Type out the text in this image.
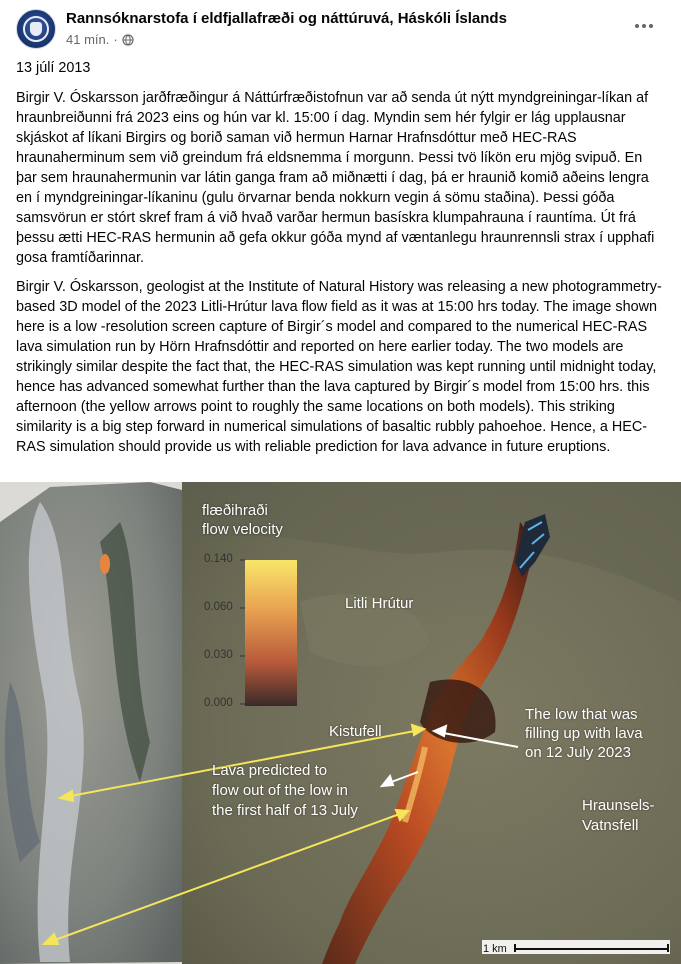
Rannsóknarstofa í eldfjallafræði og náttúruvá, Háskóli Íslands
41 mín. ·
13 júlí 2013
Birgir V. Óskarsson jarðfræðingur á Náttúrfræðistofnun var að senda út nýtt myndgreiningar-líkan af hraunbreiðunni frá 2023 eins og hún var kl. 15:00 í dag. Myndin sem hér fylgir er lág upplausnar skjáskot af líkani Birgirs og borið saman við hermun Harnar Hrafnsdóttur með HEC-RAS hraunaherminum sem við greindum frá eldsnemma í morgunn. Þessi tvö líkön eru mjög svipuð. En þar sem hraunahermunin var látin ganga fram að miðnætti í dag, þá er hraunið komið aðeins lengra en í myndgreiningar-líkaninu (gulu örvarnar benda nokkurn vegin á sömu staðina). Þessi góða samsvörun er stórt skref fram á við hvað varðar hermun basískra klumpahrauna í rauntíma. Út frá þessu ætti HEC-RAS hermunin að gefa okkur góða mynd af væntanlegu hraunrennsli strax í upphafi gosa framtíðarinnar.
Birgir V. Óskarsson, geologist at the Institute of Natural History was releasing a new photogrammetry-based 3D model of the 2023 Litli-Hrútur lava flow field as it was at 15:00 hrs today. The image shown here is a low -resolution screen capture of Birgir´s model and compared to the numerical HEC-RAS lava simulation run by Hörn Hrafnsdóttir and reported on here earlier today. The two models are strikingly similar despite the fact that, the HEC-RAS simulation was kept running until midnight today, hence has advanced somewhat further than the lava captured by Birgir´s model from 15:00 hrs. this afternoon (the yellow arrows point to roughly the same locations on both models). This striking similarity is a big step forward in numerical simulations of basaltic rubbly pahoehoe. Hence, a HEC-RAS simulation should provide us with reliable prediction for lava advance in future eruptions.
flæðihraði
flow velocity
0.140
0.060
0.030
0.000
Litli Hrútur
Kistufell
The low that was
filling up with lava
on 12 July 2023
Lava predicted to
flow out of the low in
the first half of 13 July	Hraunsels-
Vatnsfell
1 km
